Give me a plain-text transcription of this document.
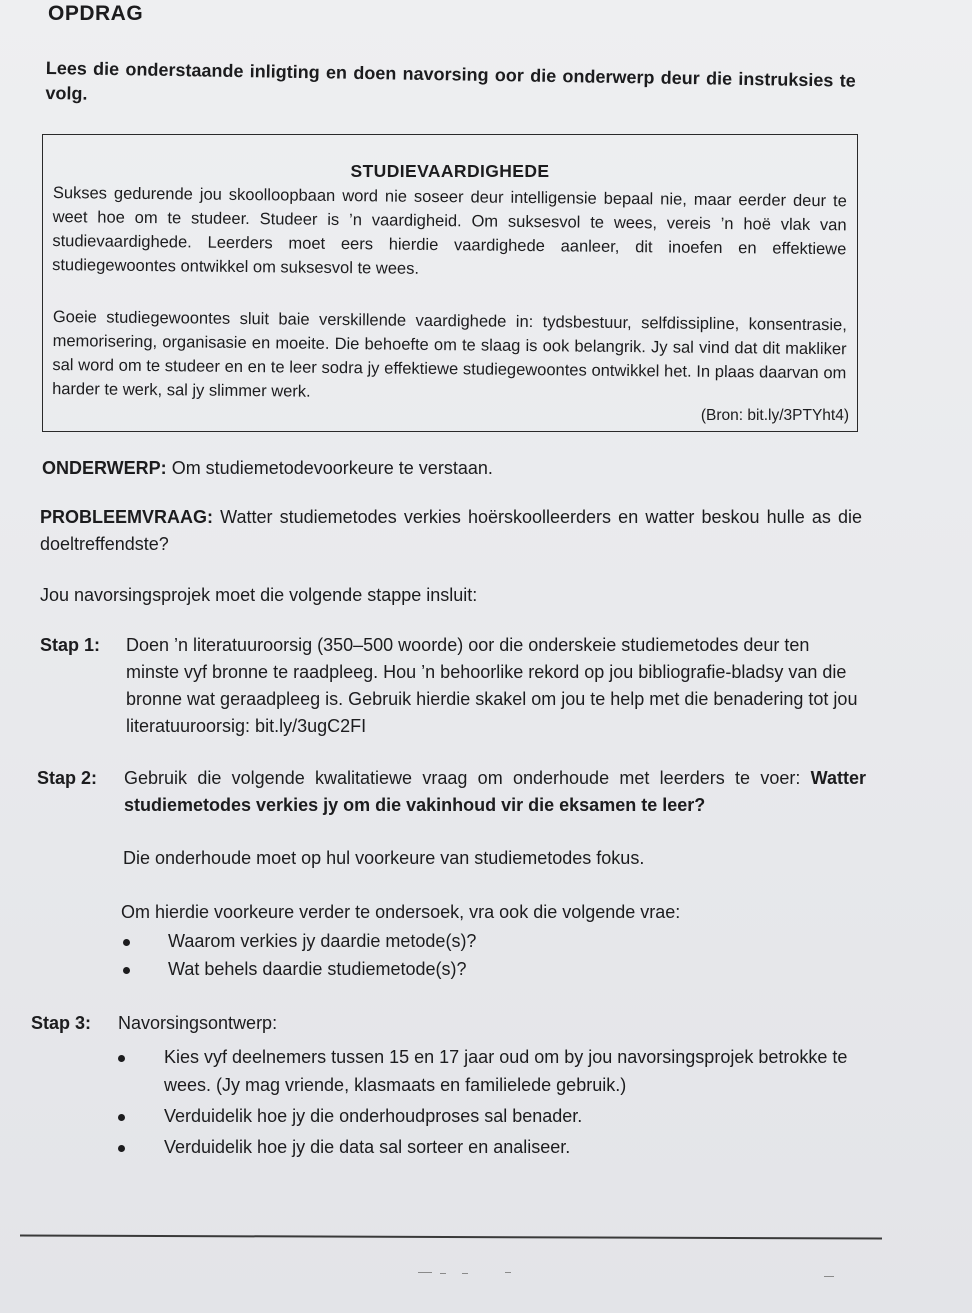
OPDRAG
Lees die onderstaande inligting en doen navorsing oor die onderwerp deur die instruksies te volg.
STUDIEVAARDIGHEDE
Sukses gedurende jou skoolloopbaan word nie soseer deur intelligensie bepaal nie, maar eerder deur te weet hoe om te studeer. Studeer is ’n vaardigheid. Om suksesvol te wees, vereis ’n hoë vlak van studievaardighede. Leerders moet eers hierdie vaardighede aanleer, dit inoefen en effektiewe studiegewoontes ontwikkel om suksesvol te wees.
Goeie studiegewoontes sluit baie verskillende vaardighede in: tydsbestuur, selfdissipline, konsentrasie, memorisering, organisasie en moeite. Die behoefte om te slaag is ook belangrik. Jy sal vind dat dit makliker sal word om te studeer en en te leer sodra jy effektiewe studiegewoontes ontwikkel het. In plaas daarvan om harder te werk, sal jy slimmer werk.
(Bron: bit.ly/3PTYht4)
ONDERWERP: Om studiemetodevoorkeure te verstaan.
PROBLEEMVRAAG: Watter studiemetodes verkies hoërskoolleerders en watter beskou hulle as die doeltreffendste?
Jou navorsingsprojek moet die volgende stappe insluit:
Stap 1: Doen ’n literatuuroorsig (350–500 woorde) oor die onderskeie studiemetodes deur ten minste vyf bronne te raadpleeg. Hou ’n behoorlike rekord op jou bibliografie-bladsy van die bronne wat geraadpleeg is. Gebruik hierdie skakel om jou te help met die benadering tot jou literatuuroorsig: bit.ly/3ugC2FI
Stap 2: Gebruik die volgende kwalitatiewe vraag om onderhoude met leerders te voer: Watter studiemetodes verkies jy om die vakinhoud vir die eksamen te leer?
Die onderhoude moet op hul voorkeure van studiemetodes fokus.
Om hierdie voorkeure verder te ondersoek, vra ook die volgende vrae:
Waarom verkies jy daardie metode(s)?
Wat behels daardie studiemetode(s)?
Stap 3: Navorsingsontwerp:
Kies vyf deelnemers tussen 15 en 17 jaar oud om by jou navorsingsprojek betrokke te wees. (Jy mag vriende, klasmaats en familielede gebruik.)
Verduidelik hoe jy die onderhoudproses sal benader.
Verduidelik hoe jy die data sal sorteer en analiseer.
